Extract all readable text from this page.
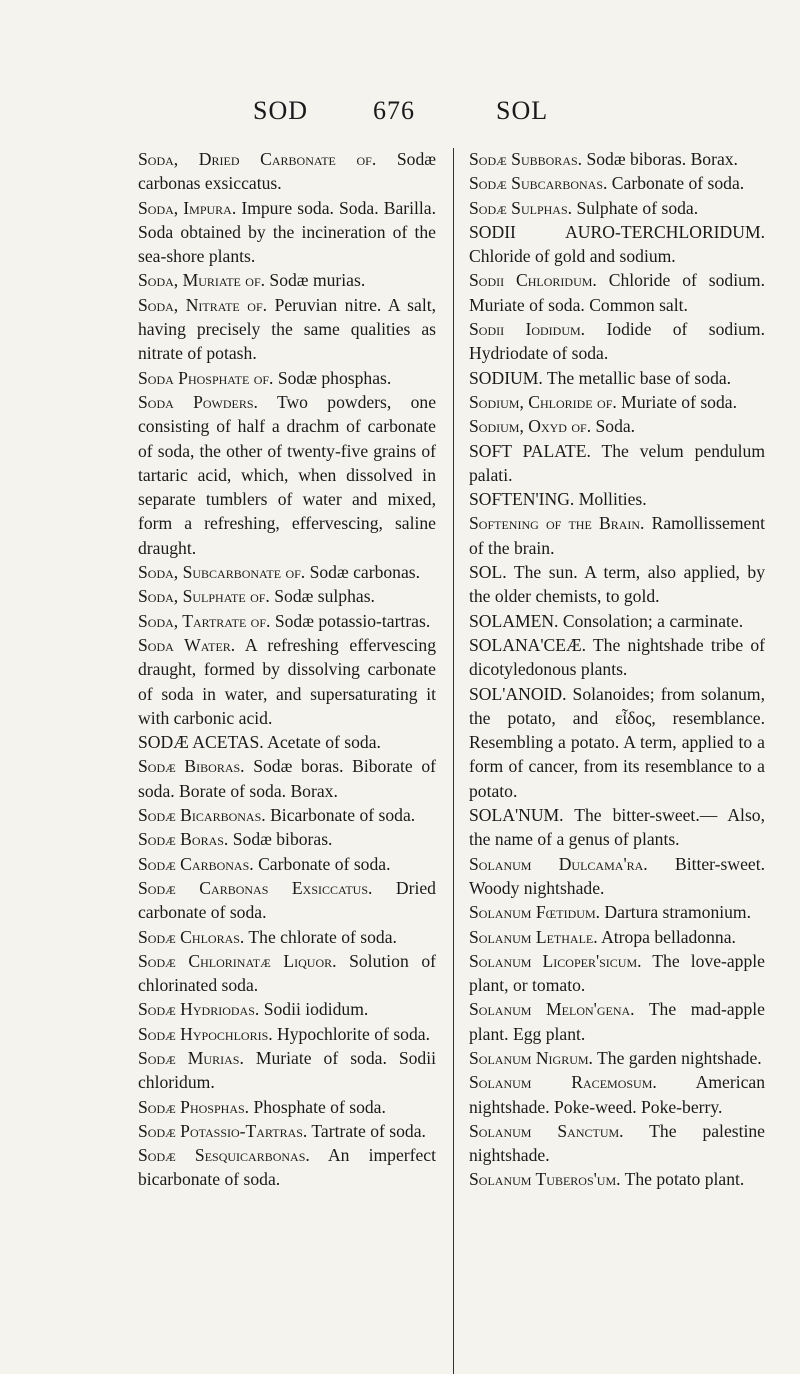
SOD 676	SOL

Soda, Dried Carbonate of. Sodæ carbonas exsiccatus.

Soda, Impura. Impure soda. Soda. Barilla. Soda obtained by the incineration of the sea-shore plants.

Soda, Muriate of. Sodæ murias.

Soda, Nitrate of. Peruvian nitre. A salt, having precisely the same qualities as nitrate of potash.

Soda Phosphate of. Sodæ phosphas.

Soda Powders. Two powders, one consisting of half a drachm of carbonate of soda, the other of twenty-five grains of tartaric acid, which, when dissolved in separate tumblers of water and mixed, form a refreshing, effervescing, saline draught.

Soda, Subcarbonate of. Sodæ carbonas.

Soda, Sulphate of. Sodæ sulphas.

Soda, Tartrate of. Sodæ potassio-tartras.

Soda Water. A refreshing effervescing draught, formed by dissolving carbonate of soda in water, and supersaturating it with carbonic acid.

SODÆ ACETAS. Acetate of soda.

Sodæ Biboras. Sodæ boras. Biborate of soda. Borate of soda. Borax.

Sodæ Bicarbonas. Bicarbonate of soda.

Sodæ Boras. Sodæ biboras.

Sodæ Carbonas. Carbonate of soda.

Sodæ Carbonas Exsiccatus. Dried carbonate of soda.

Sodæ Chloras. The chlorate of soda.

Sodæ Chlorinatæ Liquor. Solution of chlorinated soda.

Sodæ Hydriodas. Sodii iodidum.

Sodæ Hypochloris. Hypochlorite of soda.

Sodæ Murias. Muriate of soda. Sodii chloridum.

Sodæ Phosphas. Phosphate of soda.

Sodæ Potassio-Tartras. Tartrate of soda.

Sodæ Sesquicarbonas. An imperfect bicarbonate of soda.

Sodæ Subboras. Sodæ biboras. Borax.

Sodæ Subcarbonas. Carbonate of soda.

Sodæ Sulphas. Sulphate of soda.

SODII AURO-TERCHLORIDUM. Chloride of gold and sodium.

Sodii Chloridum. Chloride of sodium. Muriate of soda. Common salt.

Sodii Iodidum. Iodide of sodium. Hydriodate of soda.

SODIUM. The metallic base of soda.

Sodium, Chloride of. Muriate of soda.

Sodium, Oxyd of. Soda.

SOFT PALATE. The velum pendulum palati.

SOFTEN'ING. Mollities.

Softening of the Brain. Ramollissement of the brain.

SOL. The sun. A term, also applied, by the older chemists, to gold.

SOLAMEN. Consolation; a carminate.

SOLANA'CEÆ. The nightshade tribe of dicotyledonous plants.

SOL'ANOID. Solanoides; from solanum, the potato, and εἶδος, resemblance. Resembling a potato. A term, applied to a form of cancer, from its resemblance to a potato.

SOLA'NUM. The bitter-sweet.— Also, the name of a genus of plants.

Solanum Dulcama'ra. Bitter-sweet. Woody nightshade.

Solanum Fœtidum. Dartura stramonium.

Solanum Lethale. Atropa belladonna.

Solanum Licoper'sicum. The love-apple plant, or tomato.

Solanum Melon'gena. The mad-apple plant. Egg plant.

Solanum Nigrum. The garden nightshade.

Solanum Racemosum. American nightshade. Poke-weed. Poke-berry.

Solanum Sanctum. The palestine nightshade.

Solanum Tuberos'um. The potato plant.
